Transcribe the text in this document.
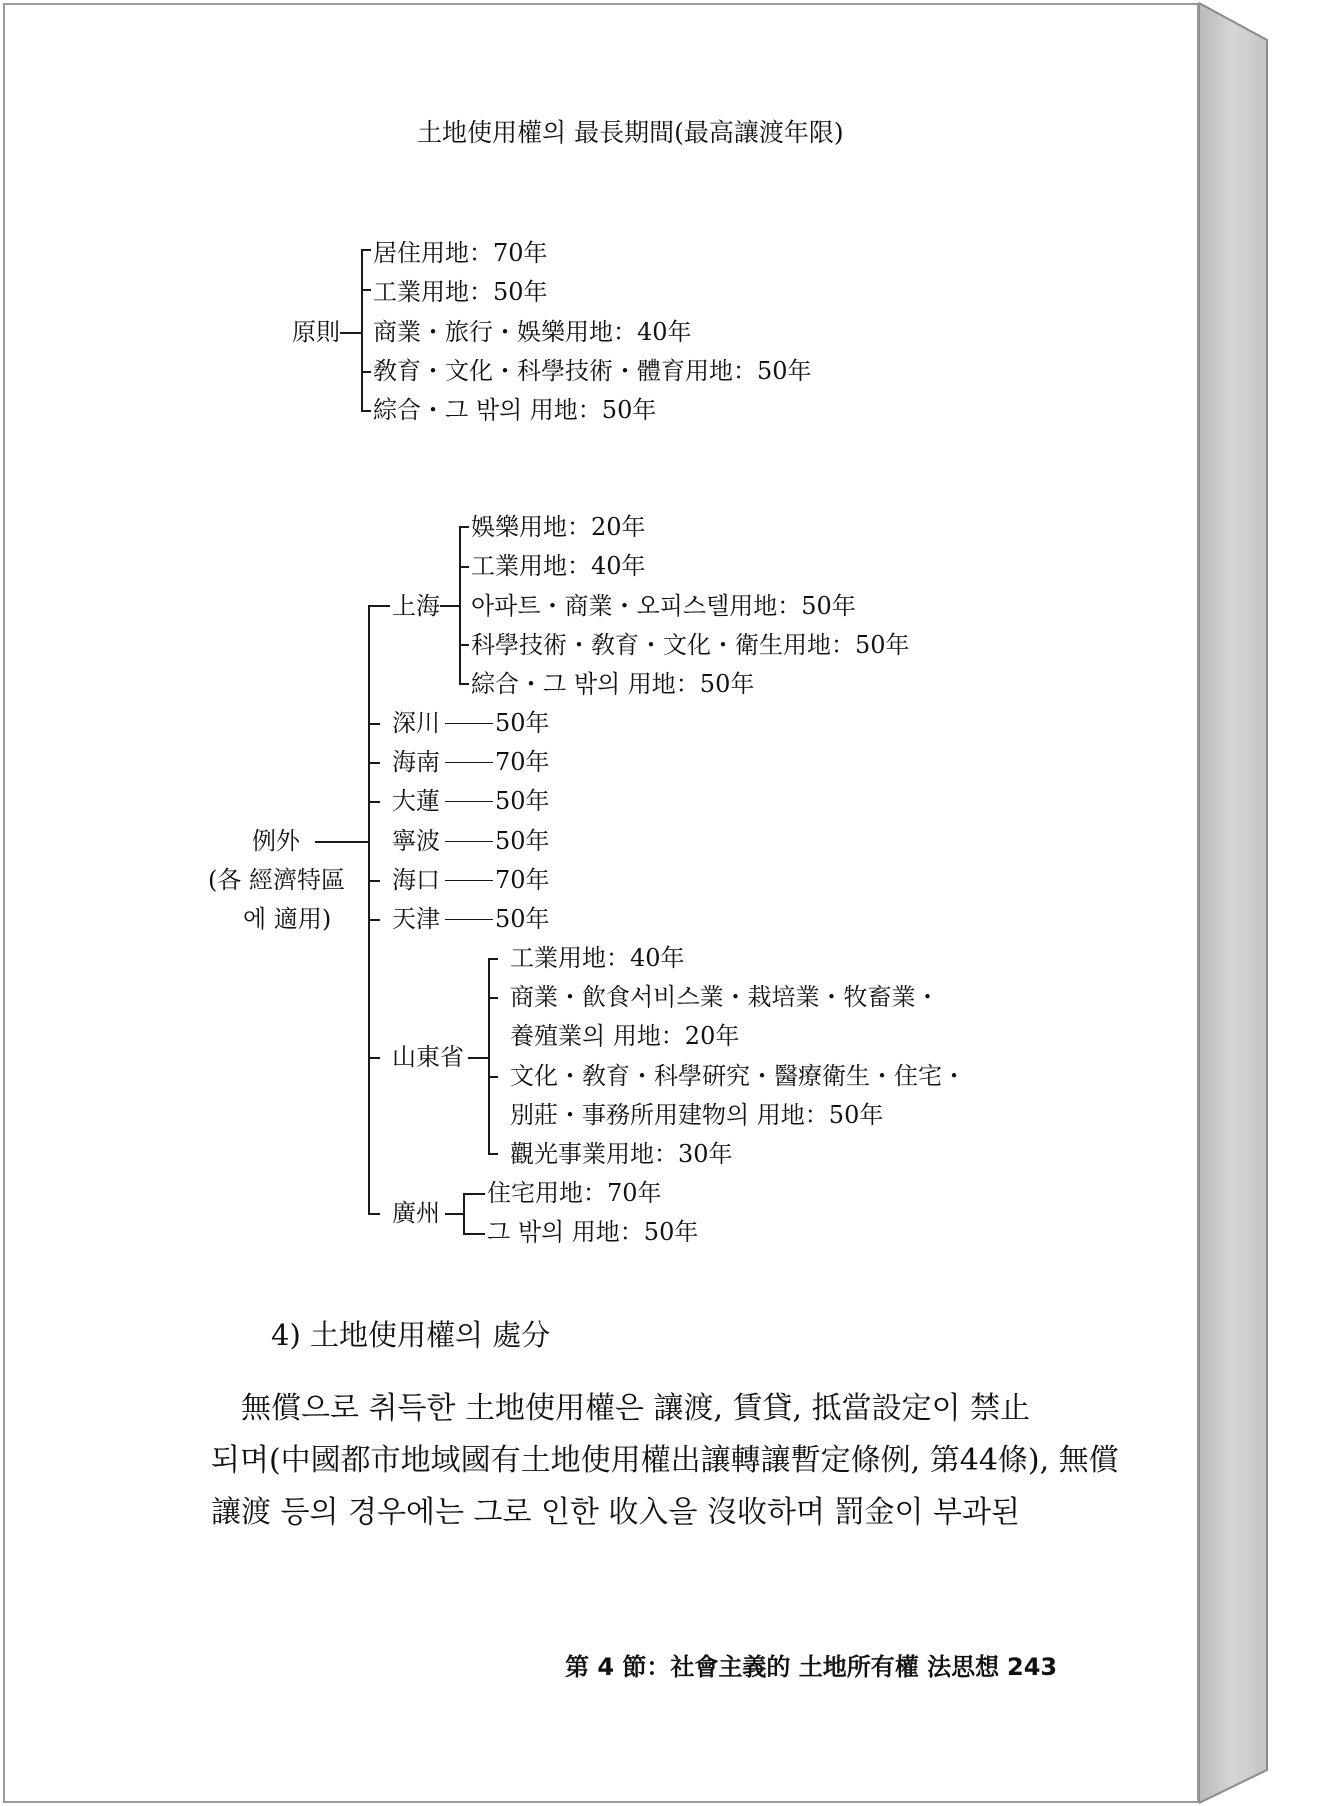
土地使用權의 最長期間(最高讓渡年限)
原則
居住用地：70年
工業用地：50年
商業・旅行・娛樂用地：40年
敎育・文化・科學技術・體育用地：50年
綜合・그 밖의 用地：50年
例外
(各 經濟特區
에 適用)
上海
娛樂用地：20年
工業用地：40年
아파트・商業・오피스텔用地：50年
科學技術・敎育・文化・衛生用地：50年
綜合・그 밖의 用地：50年
深川 50年
海南 70年
大蓮 50年
寧波 50年
海口 70年
天津 50年
山東省
工業用地：40年
商業・飮食서비스業・栽培業・牧畜業・
養殖業의 用地：20年
文化・敎育・科學硏究・醫療衛生・住宅・
別莊・事務所用建物의 用地：50年
觀光事業用地：30年
廣州
住宅用地：70年
그 밖의 用地：50年
4) 土地使用權의 處分
無償으로 취득한 土地使用權은 讓渡, 賃貸, 抵當設定이 禁止
되며(中國都市地域國有土地使用權出讓轉讓暫定條例, 第44條), 無償
讓渡 등의 경우에는 그로 인한 收入을 沒收하며 罰金이 부과된
第 4 節：社會主義的 土地所有權 法思想 243
